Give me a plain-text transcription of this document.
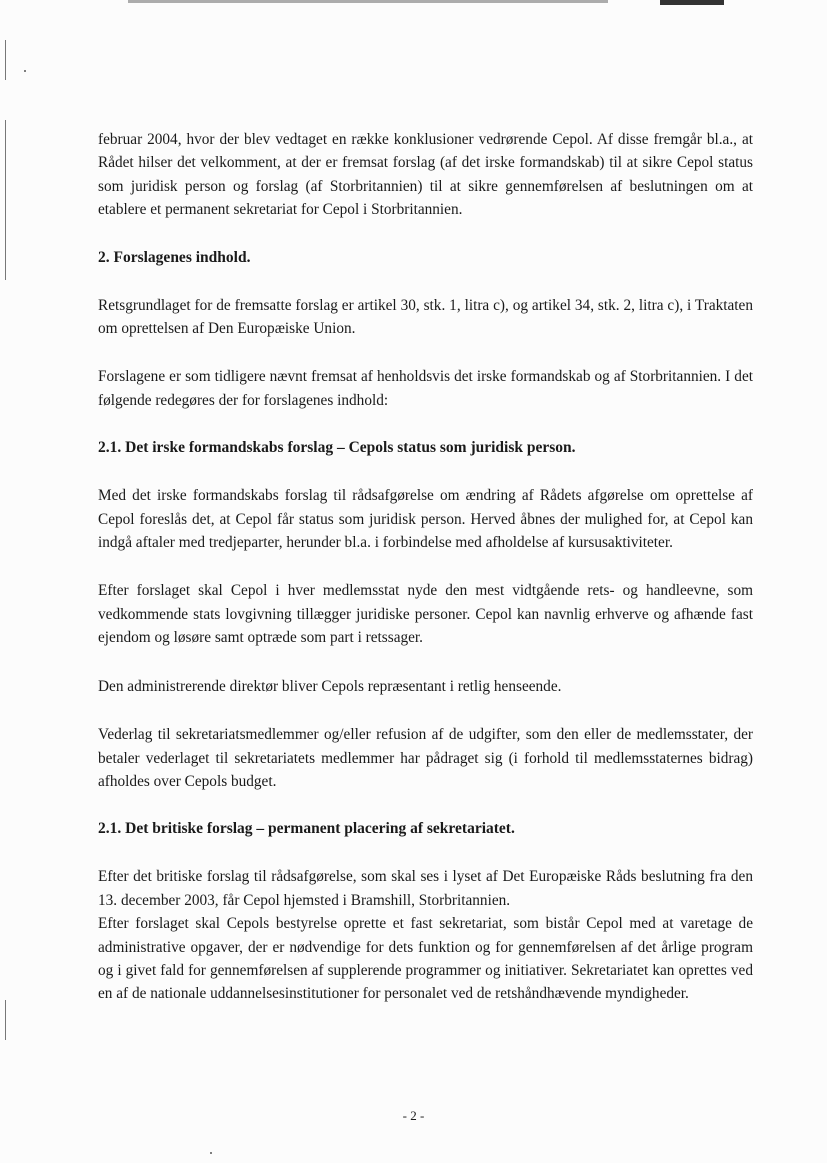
februar 2004, hvor der blev vedtaget en række konklusioner vedrørende Cepol. Af disse fremgår bl.a., at Rådet hilser det velkomment, at der er fremsat forslag (af det irske formandskab) til at sikre Cepol status som juridisk person og forslag (af Storbritannien) til at sikre gennemførelsen af beslutningen om at etablere et permanent sekretariat for Cepol i Storbritannien.

2. Forslagenes indhold.

Retsgrundlaget for de fremsatte forslag er artikel 30, stk. 1, litra c), og artikel 34, stk. 2, litra c), i Traktaten om oprettelsen af Den Europæiske Union.

Forslagene er som tidligere nævnt fremsat af henholdsvis det irske formandskab og af Storbritannien. I det følgende redegøres der for forslagenes indhold:

2.1. Det irske formandskabs forslag – Cepols status som juridisk person.

Med det irske formandskabs forslag til rådsafgørelse om ændring af Rådets afgørelse om oprettelse af Cepol foreslås det, at Cepol får status som juridisk person. Herved åbnes der mulighed for, at Cepol kan indgå aftaler med tredjeparter, herunder bl.a. i forbindelse med afholdelse af kursusaktiviteter.

Efter forslaget skal Cepol i hver medlemsstat nyde den mest vidtgående rets- og handleevne, som vedkommende stats lovgivning tillægger juridiske personer. Cepol kan navnlig erhverve og afhænde fast ejendom og løsøre samt optræde som part i retssager.

Den administrerende direktør bliver Cepols repræsentant i retlig henseende.

Vederlag til sekretariatsmedlemmer og/eller refusion af de udgifter, som den eller de medlemsstater, der betaler vederlaget til sekretariatets medlemmer har pådraget sig (i forhold til medlemsstaternes bidrag) afholdes over Cepols budget.

2.1. Det britiske forslag – permanent placering af sekretariatet.

Efter det britiske forslag til rådsafgørelse, som skal ses i lyset af Det Europæiske Råds beslutning fra den 13. december 2003, får Cepol hjemsted i Bramshill, Storbritannien.

Efter forslaget skal Cepols bestyrelse oprette et fast sekretariat, som bistår Cepol med at varetage de administrative opgaver, der er nødvendige for dets funktion og for gennemførelsen af det årlige program og i givet fald for gennemførelsen af supplerende programmer og initiativer. Sekretariatet kan oprettes ved en af de nationale uddannelsesinstitutioner for personalet ved de retshåndhævende myndigheder.

- 2 -
